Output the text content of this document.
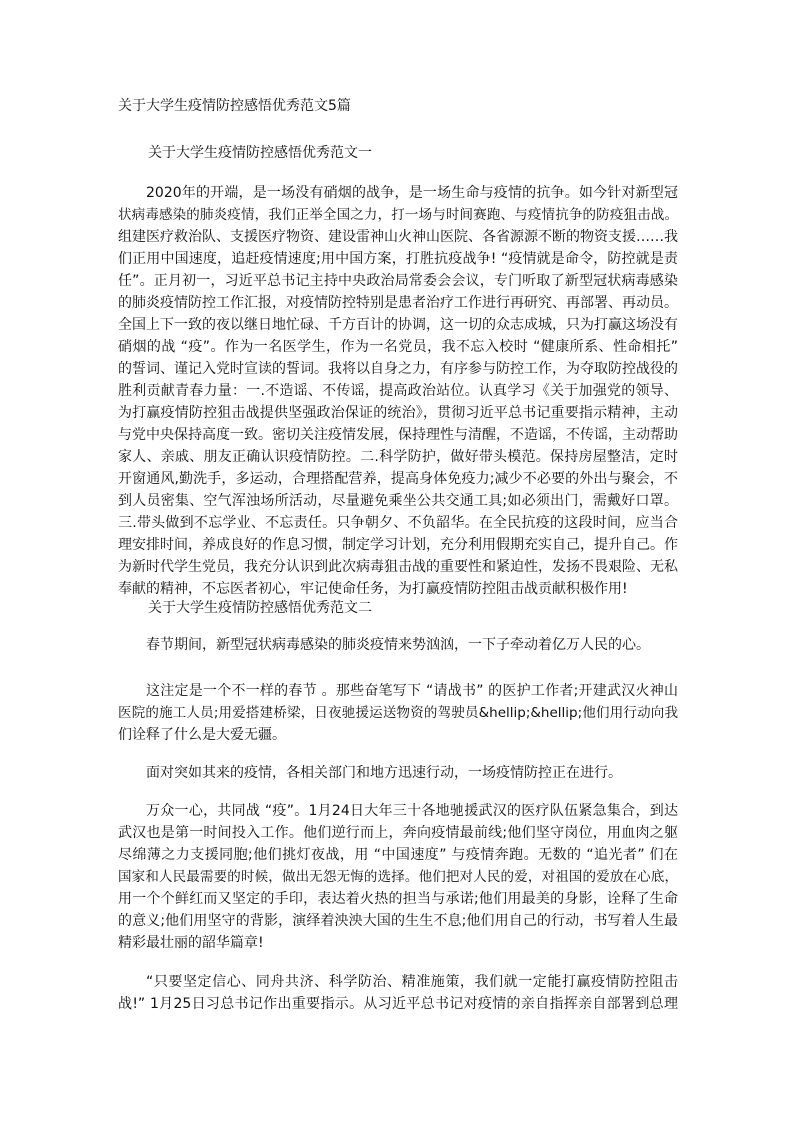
关于大学生疫情防控感悟优秀范文5篇
关于大学生疫情防控感悟优秀范文一
2020年的开端，是一场没有硝烟的战争，是一场生命与疫情的抗争。如今针对新型冠
状病毒感染的肺炎疫情，我们正举全国之力，打一场与时间赛跑、与疫情抗争的防疫狙击战。
组建医疗救治队、支援医疗物资、建设雷神山火神山医院、各省源源不断的物资支援……我
们正用中国速度，追赶疫情速度;用中国方案，打胜抗疫战争! “疫情就是命令，防控就是责
任”。正月初一，习近平总书记主持中央政治局常委会会议，专门听取了新型冠状病毒感染
的肺炎疫情防控工作汇报，对疫情防控特别是患者治疗工作进行再研究、再部署、再动员。
全国上下一致的夜以继日地忙碌、千方百计的协调，这一切的众志成城，只为打赢这场没有
硝烟的战 “疫”。作为一名医学生，作为一名党员，我不忘入校时 “健康所系、性命相托”
的誓词、谨记入党时宣读的誓词。我将以自身之力，有序参与防控工作，为夺取防控战役的
胜利贡献青春力量：一.不造谣、不传谣，提高政治站位。认真学习《关于加强党的领导、
为打赢疫情防控狙击战提供坚强政治保证的统治》，贯彻习近平总书记重要指示精神，主动
与党中央保持高度一致。密切关注疫情发展，保持理性与清醒，不造谣，不传谣，主动帮助
家人、亲戚、朋友正确认识疫情防控。二.科学防护，做好带头模范。保持房屋整洁，定时
开窗通风,勤洗手，多运动，合理搭配营养，提高身体免疫力;减少不必要的外出与聚会，不
到人员密集、空气浑浊场所活动，尽量避免乘坐公共交通工具;如必须出门，需戴好口罩。
三.带头做到不忘学业、不忘责任。只争朝夕、不负韶华。在全民抗疫的这段时间，应当合
理安排时间，养成良好的作息习惯，制定学习计划，充分利用假期充实自己，提升自己。作
为新时代学生党员，我充分认识到此次病毒狙击战的重要性和紧迫性，发扬不畏艰险、无私
奉献的精神，不忘医者初心，牢记使命任务，为打赢疫情防控阻击战贡献积极作用!
关于大学生疫情防控感悟优秀范文二
春节期间，新型冠状病毒感染的肺炎疫情来势汹汹，一下子牵动着亿万人民的心。
这注定是一个不一样的春节 。那些奋笔写下 “请战书” 的医护工作者;开建武汉火神山
医院的施工人员;用爱搭建桥梁，日夜驰援运送物资的驾驶员&hellip;&hellip;他们用行动向我
们诠释了什么是大爱无疆。
面对突如其来的疫情，各相关部门和地方迅速行动，一场疫情防控正在进行。
万众一心，共同战 “疫”。1月24日大年三十各地驰援武汉的医疗队伍紧急集合，到达
武汉也是第一时间投入工作。他们逆行而上，奔向疫情最前线;他们坚守岗位，用血肉之躯
尽绵薄之力支援同胞;他们挑灯夜战，用 “中国速度” 与疫情奔跑。无数的 “追光者” 们在
国家和人民最需要的时候，做出无怨无悔的选择。他们把对人民的爱，对祖国的爱放在心底，
用一个个鲜红而又坚定的手印，表达着火热的担当与承诺;他们用最美的身影，诠释了生命
的意义;他们用坚守的背影，演绎着泱泱大国的生生不息;他们用自己的行动，书写着人生最
精彩最壮丽的韶华篇章!
“只要坚定信心、同舟共济、科学防治、精准施策，我们就一定能打赢疫情防控阻击
战!” 1月25日习总书记作出重要指示。从习近平总书记对疫情的亲自指挥亲自部署到总理
